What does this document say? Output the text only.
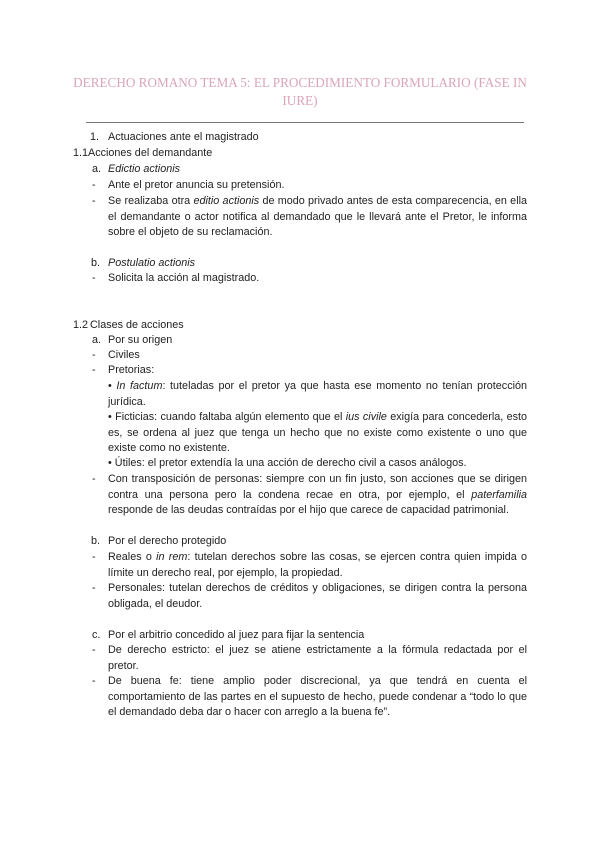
DERECHO ROMANO TEMA 5: EL PROCEDIMIENTO FORMULARIO (FASE IN IURE)
1. Actuaciones ante el magistrado
1.1 Acciones del demandante
a. Edictio actionis
- Ante el pretor anuncia su pretensión.
- Se realizaba otra editio actionis de modo privado antes de esta comparecencia, en ella el demandante o actor notifica al demandado que le llevará ante el Pretor, le informa sobre el objeto de su reclamación.
b. Postulatio actionis
- Solicita la acción al magistrado.
1.2 Clases de acciones
a. Por su origen
- Civiles
- Pretorias:
• In factum: tuteladas por el pretor ya que hasta ese momento no tenían protección jurídica.
• Ficticias: cuando faltaba algún elemento que el ius civile exigía para concederla, esto es, se ordena al juez que tenga un hecho que no existe como existente o uno que existe como no existente.
• Útiles: el pretor extendía la una acción de derecho civil a casos análogos.
- Con transposición de personas: siempre con un fin justo, son acciones que se dirigen contra una persona pero la condena recae en otra, por ejemplo, el paterfamilia responde de las deudas contraídas por el hijo que carece de capacidad patrimonial.
b. Por el derecho protegido
- Reales o in rem: tutelan derechos sobre las cosas, se ejercen contra quien impida o límite un derecho real, por ejemplo, la propiedad.
- Personales: tutelan derechos de créditos y obligaciones, se dirigen contra la persona obligada, el deudor.
c. Por el arbitrio concedido al juez para fijar la sentencia
- De derecho estricto: el juez se atiene estrictamente a la fórmula redactada por el pretor.
- De buena fe: tiene amplio poder discrecional, ya que tendrá en cuenta el comportamiento de las partes en el supuesto de hecho, puede condenar a “todo lo que el demandado deba dar o hacer con arreglo a la buena fe”.
